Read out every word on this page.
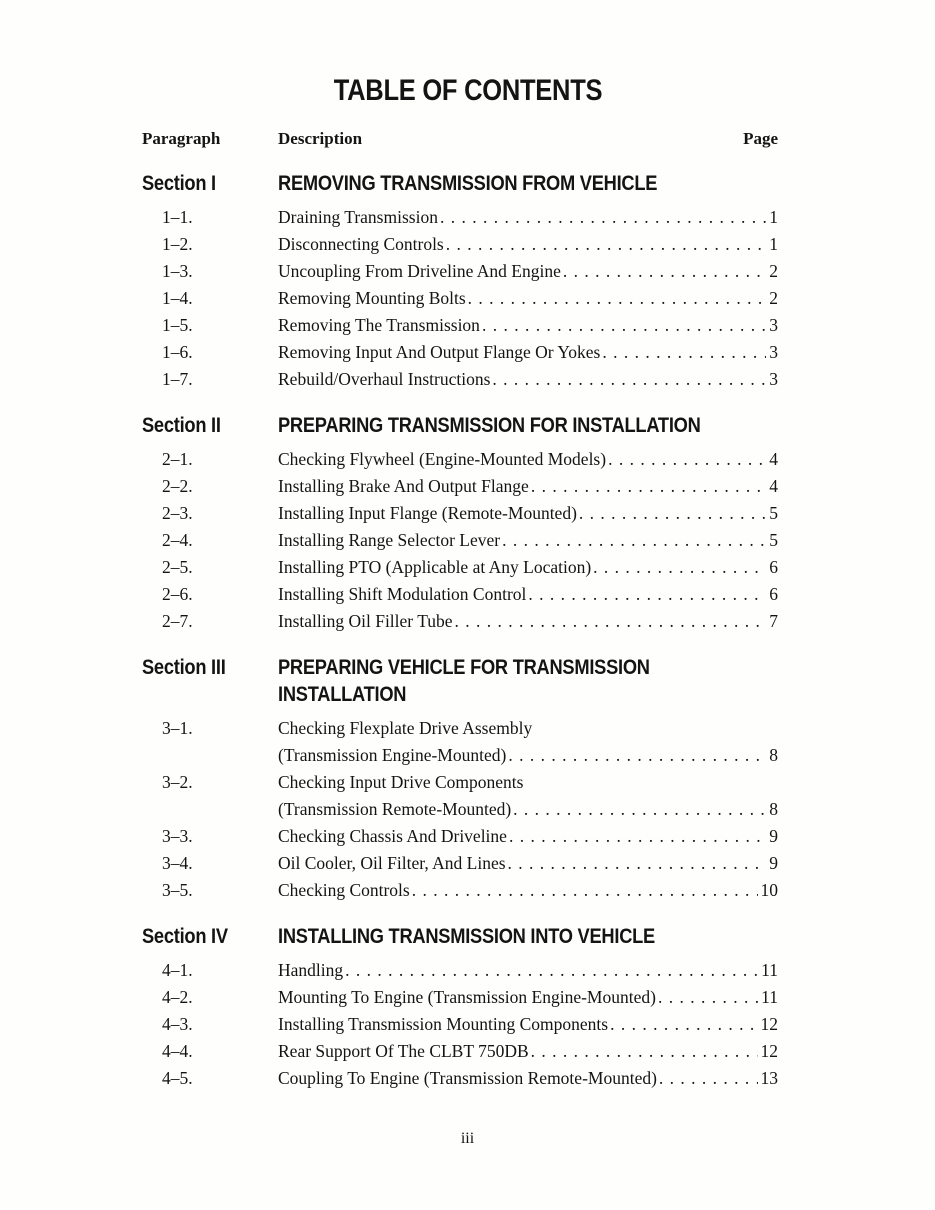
TABLE OF CONTENTS
Paragraph	Description	Page
Section I	REMOVING TRANSMISSION FROM VEHICLE
1–1.	Draining Transmission . . .	1
1–2.	Disconnecting Controls . . .	1
1–3.	Uncoupling From Driveline And Engine . . .	2
1–4.	Removing Mounting Bolts . . .	2
1–5.	Removing The Transmission . . .	3
1–6.	Removing Input And Output Flange Or Yokes . . .	3
1–7.	Rebuild/Overhaul Instructions . . .	3
Section II	PREPARING TRANSMISSION FOR INSTALLATION
2–1.	Checking Flywheel (Engine-Mounted Models) . . .	4
2–2.	Installing Brake And Output Flange . . .	4
2–3.	Installing Input Flange (Remote-Mounted) . . .	5
2–4.	Installing Range Selector Lever . . .	5
2–5.	Installing PTO (Applicable at Any Location) . . .	6
2–6.	Installing Shift Modulation Control . . .	6
2–7.	Installing Oil Filler Tube . . .	7
Section III	PREPARING VEHICLE FOR TRANSMISSION
INSTALLATION
3–1.	Checking Flexplate Drive Assembly
(Transmission Engine-Mounted) . . .	8
3–2.	Checking Input Drive Components
(Transmission Remote-Mounted) . . .	8
3–3.	Checking Chassis And Driveline . . .	9
3–4.	Oil Cooler, Oil Filter, And Lines . . .	9
3–5.	Checking Controls . . .	10
Section IV	INSTALLING TRANSMISSION INTO VEHICLE
4–1.	Handling . . .	11
4–2.	Mounting To Engine (Transmission Engine-Mounted) . . .	11
4–3.	Installing Transmission Mounting Components . . .	12
4–4.	Rear Support Of The CLBT 750DB . . .	12
4–5.	Coupling To Engine (Transmission Remote-Mounted) . . .	13
iii
